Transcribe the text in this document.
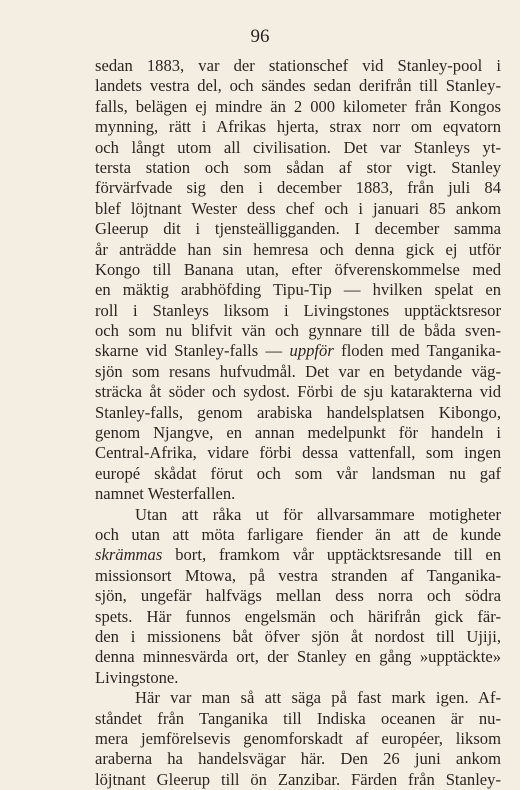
96
sedan 1883, var der stationschef vid Stanley-pool i
landets vestra del, och sändes sedan derifrån till Stanley-
falls, belägen ej mindre än 2 000 kilometer från Kongos
mynning, rätt i Afrikas hjerta, strax norr om eqvatorn
och långt utom all civilisation. Det var Stanleys yt-
tersta station och som sådan af stor vigt. Stanley
förvärfvade sig den i december 1883, från juli 84
blef löjtnant Wester dess chef och i januari 85 ankom
Gleerup dit i tjensteälligganden. I december samma
år anträdde han sin hemresa och denna gick ej utför
Kongo till Banana utan, efter öfverenskommelse med
en mäktig arabhöfding Tipu-Tip — hvilken spelat en
roll i Stanleys liksom i Livingstones upptäcktsresor
och som nu blifvit vän och gynnare till de båda sven-
skarne vid Stanley-falls — uppför floden med Tanganika-
sjön som resans hufvudmål. Det var en betydande väg-
sträcka åt söder och sydost. Förbi de sju katarakterna vid
Stanley-falls, genom arabiska handelsplatsen Kibongo,
genom Njangve, en annan medelpunkt för handeln i
Central-Afrika, vidare förbi dessa vattenfall, som ingen
europé skådat förut och som vår landsman nu gaf
namnet Westerfallen.
Utan att råka ut för allvarsammare motigheter
och utan att möta farligare fiender än att de kunde
skrämmas bort, framkom vår upptäcktsresande till en
missionsort Mtowa, på vestra stranden af Tanganika-
sjön, ungefär halfvägs mellan dess norra och södra
spets. Här funnos engelsmän och härifrån gick fär-
den i missionens båt öfver sjön åt nordost till Ujiji,
denna minnesvärda ort, der Stanley en gång »upptäckte»
Livingstone.
Här var man så att säga på fast mark igen. Af-
ståndet från Tanganika till Indiska oceanen är nu-
mera jemförelsevis genomforskadt af européer, liksom
araberna ha handelsvägar här. Den 26 juni ankom
löjtnant Gleerup till ön Zanzibar. Färden från Stanley-
